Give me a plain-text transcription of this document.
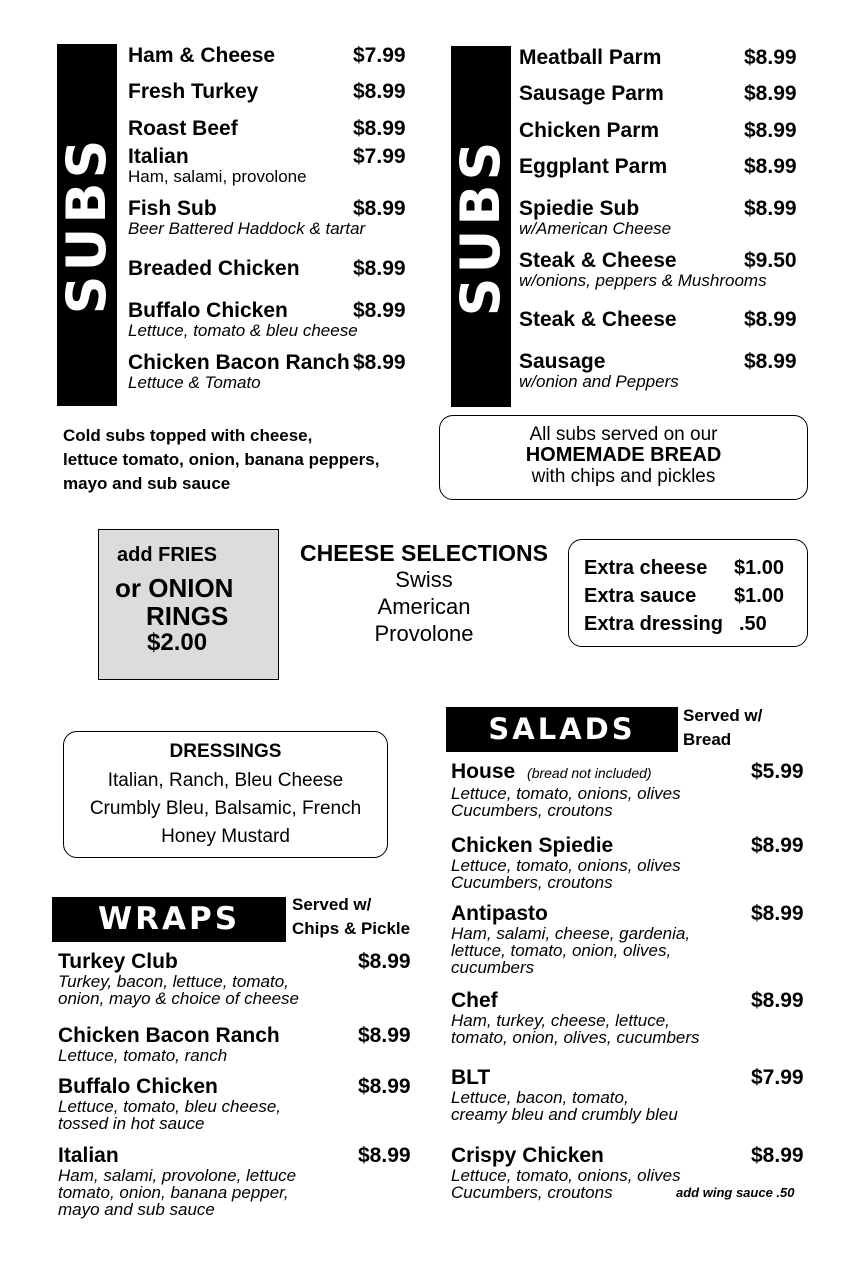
SUBS
Ham & Cheese	$7.99
Fresh Turkey	$8.99
Roast Beef	$8.99
Italian	$7.99
Ham, salami, provolone
Fish Sub	$8.99
Beer Battered Haddock & tartar
Breaded Chicken	$8.99
Buffalo Chicken	$8.99
Lettuce, tomato & bleu cheese
Chicken Bacon Ranch $8.99
Lettuce & Tomato
Cold subs topped with cheese,
lettuce tomato, onion, banana peppers,
mayo and sub sauce
SUBS
Meatball Parm	$8.99
Sausage Parm	$8.99
Chicken Parm	$8.99
Eggplant Parm	$8.99
Spiedie Sub	$8.99
w/American Cheese
Steak & Cheese	$9.50
w/onions, peppers & Mushrooms
Steak & Cheese	$8.99
Sausage	$8.99
w/onion and Peppers
All subs served on our
HOMEMADE BREAD
with chips and pickles
add FRIES
or ONION
RINGS
$2.00
CHEESE SELECTIONS
Swiss
American
Provolone
Extra cheese $1.00
Extra sauce $1.00
Extra dressing .50
DRESSINGS
Italian, Ranch, Bleu Cheese
Crumbly Bleu, Balsamic, French
Honey Mustard
WRAPS	Served w/
Chips & Pickle
Turkey Club	$8.99
Turkey, bacon, lettuce, tomato,
onion, mayo & choice of cheese
Chicken Bacon Ranch	$8.99
Lettuce, tomato, ranch
Buffalo Chicken	$8.99
Lettuce, tomato, bleu cheese,
tossed in hot sauce
Italian	$8.99
Ham, salami, provolone, lettuce
tomato, onion, banana pepper,
mayo and sub sauce
SALADS	Served w/
Bread
House (bread not included)	$5.99
Lettuce, tomato, onions, olives
Cucumbers, croutons
Chicken Spiedie	$8.99
Lettuce, tomato, onions, olives
Cucumbers, croutons
Antipasto	$8.99
Ham, salami, cheese, gardenia,
lettuce, tomato, onion, olives,
cucumbers
Chef	$8.99
Ham, turkey, cheese, lettuce,
tomato, onion, olives, cucumbers
BLT	$7.99
Lettuce, bacon, tomato,
creamy bleu and crumbly bleu
Crispy Chicken	$8.99
Lettuce, tomato, onions, olives
Cucumbers, croutons	add wing sauce .50
